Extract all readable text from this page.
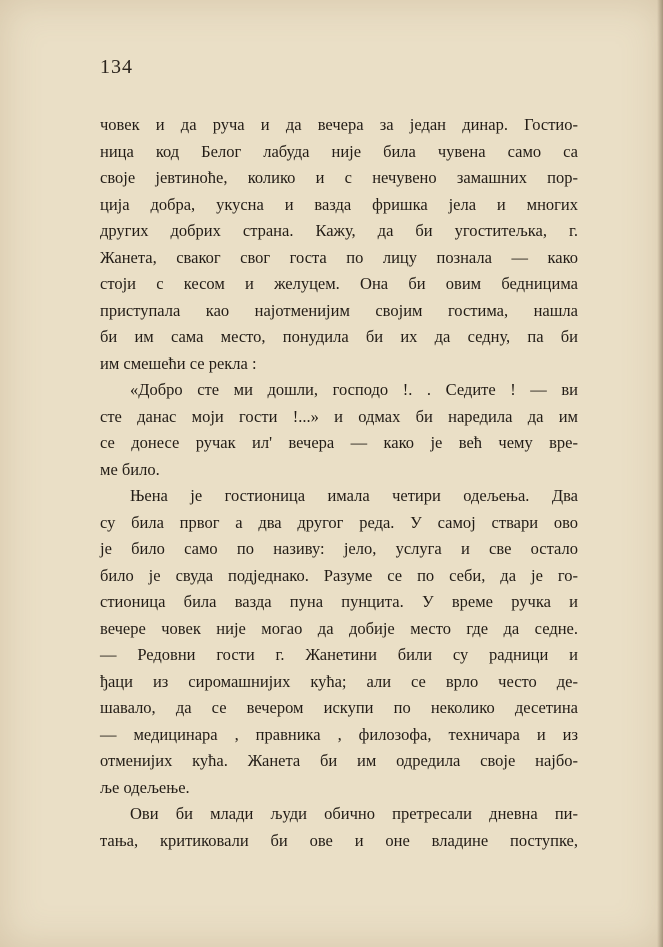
134
човек и да руча и да вечера за један динар. Гостио-
ница код Белог лабуда није била чувена само са
своје јевтиноће, колико и с нечувено замашних пор-
ција добра, укусна и вазда фришка јела и многих
других добрих страна. Кажу, да би угоститељка, г.
Жанета, сваког свог госта по лицу познала — како
стоји с кесом и желуцем. Она би овим бедницима
приступала као најотменијим својим гостима, нашла
би им сама место, понудила би их да седну, па би
им смешећи се рекла :
«Добро сте ми дошли, господо !. . Седите ! — ви
сте данас моји гости !...» и одмах би наредила да им
се донесе ручак ил' вечера — како је већ чему вре-
ме било.
Њена је гостионица имала четири одељења. Два
су била првог а два другог реда. У самој ствари ово
је било само по називу: јело, услуга и све остало
било је свуда подједнако. Разуме се по себи, да је го-
стионица била вазда пуна пунцита. У време ручка и
вечере човек није могао да добије место где да седне.
— Редовни гости г. Жанетини били су радници и
ђаци из сиромашнијих кућа; али се врло често де-
шавало, да се вечером искупи по неколико десетина
— медицинара , правника , филозофа, техничара и из
отменијих кућа. Жанета би им одредила своје најбо-
ље одељење.
Ови би млади људи обично претресали дневна пи-
тања, критиковали би ове и оне владине поступке,
